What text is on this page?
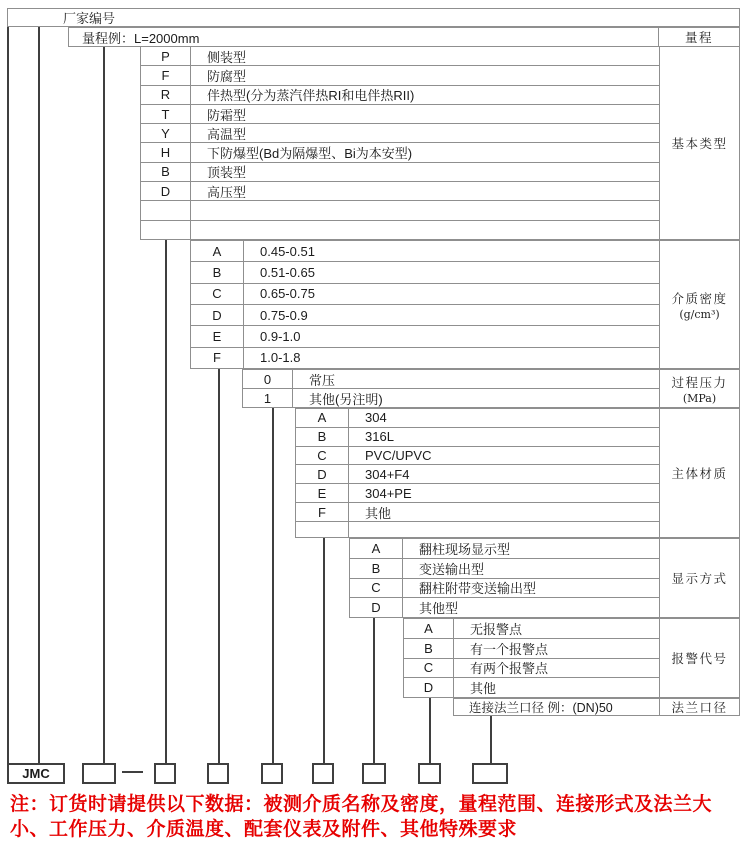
厂家编号
量程例：L=2000mm	量程
连接法兰口径 例：(DN)50	法兰口径
注：订货时请提供以下数据：被测介质名称及密度，量程范围、连接形式及法兰大小、工作压力、介质温度、配套仪表及附件、其他特殊要求
P	侧装型
F	防腐型
R	伴热型(分为蒸汽伴热RI和电伴热RII)
T	防霜型
Y	高温型
H	下防爆型(Bd为隔爆型、Bi为本安型)
B	顶装型
D	高压型
基本类型
A	0.45-0.51
B	0.51-0.65
C	0.65-0.75
D	0.75-0.9
E	0.9-1.0
F	1.0-1.8
介质密度
(g/cm³)
0	常压
1	其他(另注明)
过程压力
(MPa)
A	304
B	316L
C	PVC/UPVC
D	304+F4
E	304+PE
F	其他
主体材质
A	翻柱现场显示型
B	变送输出型
C	翻柱附带变送输出型
D	其他型
显示方式
A	无报警点
B	有一个报警点
C	有两个报警点
D	其他
报警代号
JMC
